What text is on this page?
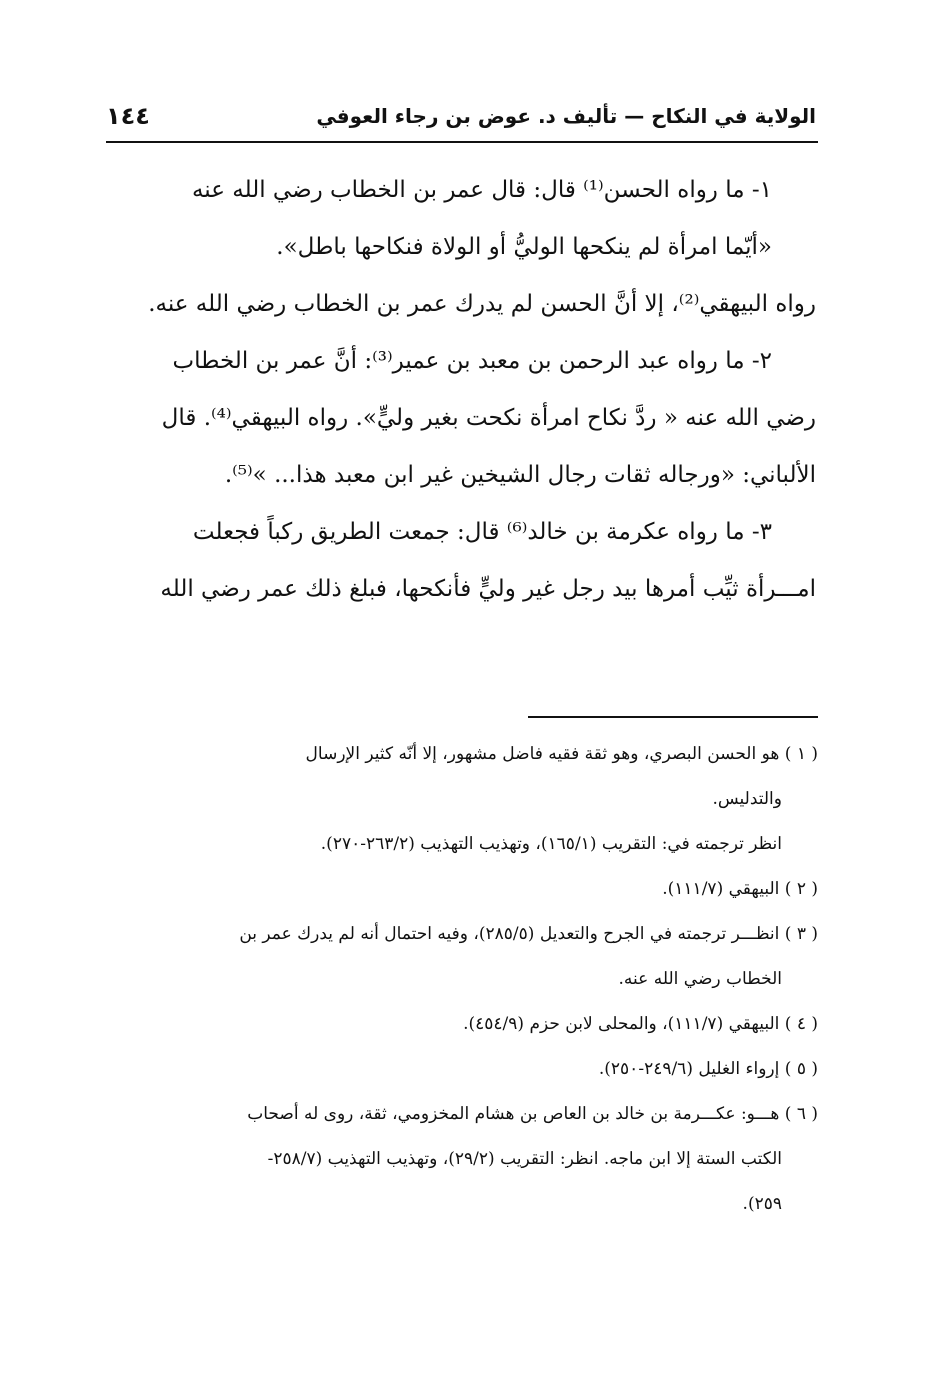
الولاية في النكاح — تأليف د. عوض بن رجاء العوفي
١٤٤

١- ما رواه الحسن⁽¹⁾ قال: قال عمر بن الخطاب رضي الله عنه

«أيّما امرأة لم ينكحها الوليُّ أو الولاة فنكاحها باطل».

رواه البيهقي⁽²⁾، إلا أنَّ الحسن لم يدرك عمر بن الخطاب رضي الله عنه.

٢- ما رواه عبد الرحمن بن معبد بن عمير⁽³⁾: أنَّ عمر بن الخطاب

رضي الله عنه « ردَّ نكاح امرأة نكحت بغير وليٍّ». رواه البيهقي⁽⁴⁾. قال

الألباني: «ورجاله ثقات رجال الشيخين غير ابن معبد هذا... »⁽⁵⁾.

٣- ما رواه عكرمة بن خالد⁽⁶⁾ قال: جمعت الطريق ركباً فجعلت

امـــرأة ثيِّب أمرها بيد رجل غير وليٍّ فأنكحها، فبلغ ذلك عمر رضي الله

( ١ ) هو الحسن البصري، وهو ثقة فقيه فاضل مشهور، إلا أنّه كثير الإرسال

والتدليس.

انظر ترجمته في: التقريب (١٦٥/١)، وتهذيب التهذيب (٢٦٣/٢-٢٧٠).

( ٢ ) البيهقي (١١١/٧).

( ٣ ) انظـــر ترجمته في الجرح والتعديل (٢٨٥/٥)، وفيه احتمال أنه لم يدرك عمر بن

الخطاب رضي الله عنه.

( ٤ ) البيهقي (١١١/٧)، والمحلى لابن حزم (٤٥٤/٩).

( ٥ ) إرواء الغليل (٢٤٩/٦-٢٥٠).

( ٦ ) هـــو: عكـــرمة بن خالد بن العاص بن هشام المخزومي، ثقة، روى له أصحاب

الكتب الستة إلا ابن ماجه. انظر: التقريب (٢٩/٢)، وتهذيب التهذيب (٢٥٨/٧-

٢٥٩).
